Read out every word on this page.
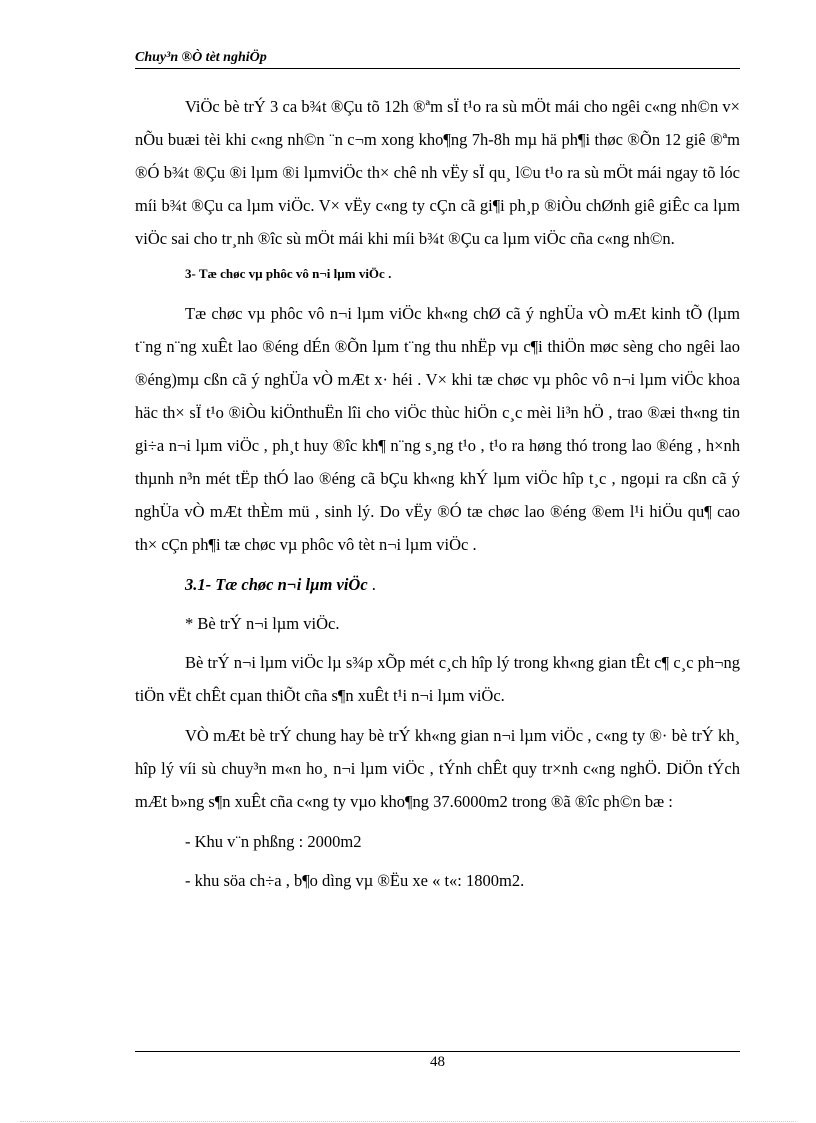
Chuy³n ®Ò tèt nghiÖp

ViÖc bè trÝ 3 ca b¾t ®Çu tõ 12h ®ªm sÏ t¹o ra sù mÖt mái cho ngêi c«ng nh©n v× nÕu buæi tèi khi c«ng nh©n ¨n c¬m xong kho¶ng 7h-8h mµ hä ph¶i thøc ®Õn 12 giê ®ªm ®Ó b¾t ®Çu ®i lµm ®i lµmviÖc th× chê nh vËy sÏ qu¸ l©u t¹o ra sù mÖt mái ngay tõ lóc míi b¾t ®Çu ca lµm viÖc. V× vËy c«ng ty cÇn cã gi¶i ph¸p ®iÒu chØnh giê giÊc ca lµm viÖc sai cho tr¸nh ®îc sù mÖt mái khi míi b¾t ®Çu ca lµm viÖc cña c«ng nh©n.

3- Tæ chøc vµ phôc vô n¬i lµm viÖc .

Tæ chøc vµ phôc vô n¬i lµm viÖc kh«ng chØ cã ý nghÜa vÒ mÆt kinh tÕ (lµm t¨ng n¨ng xuÊt lao ®éng dÉn ®Õn lµm t¨ng thu nhËp vµ c¶i thiÖn møc sèng cho ngêi lao ®éng)mµ cßn cã ý nghÜa vÒ mÆt x· héi . V× khi tæ chøc vµ phôc vô n¬i lµm viÖc khoa häc th× sÏ t¹o ®iÒu kiÖnthuËn lîi cho viÖc thùc hiÖn c¸c mèi li³n hÖ , trao ®æi th«ng tin gi÷a n¬i lµm viÖc , ph¸t huy ®îc kh¶ n¨ng s¸ng t¹o , t¹o ra høng thó trong lao ®éng , h×nh thµnh n³n mét tËp thÓ lao ®éng cã bÇu kh«ng khÝ lµm viÖc hîp t¸c , ngoµi ra cßn cã ý nghÜa vÒ mÆt thÈm mü , sinh lý. Do vËy ®Ó tæ chøc lao ®éng ®em l¹i hiÖu qu¶ cao th× cÇn ph¶i tæ chøc vµ phôc vô tèt n¬i lµm viÖc .

3.1- Tæ chøc n¬i lµm viÖc .
* Bè trÝ n¬i lµm viÖc.

Bè trÝ n¬i lµm viÖc lµ s¾p xÕp mét c¸ch hîp lý trong kh«ng gian tÊt c¶ c¸c ph¬ng tiÖn vËt chÊt cµan thiÕt cña s¶n xuÊt t¹i n¬i lµm viÖc.

VÒ mÆt bè trÝ chung hay bè trÝ kh«ng gian n¬i lµm viÖc , c«ng ty ®· bè trÝ kh¸ hîp lý víi sù chuy³n m«n ho¸ n¬i lµm viÖc , tÝnh chÊt quy tr×nh c«ng nghÖ. DiÖn tÝch mÆt b»ng s¶n xuÊt cña c«ng ty vµo kho¶ng 37.6000m2 trong ®ã ®îc ph©n bæ :

- Khu v¨n phßng : 2000m2
- khu söa ch÷a , b¶o dìng vµ ®Ëu xe « t«: 1800m2.
48
